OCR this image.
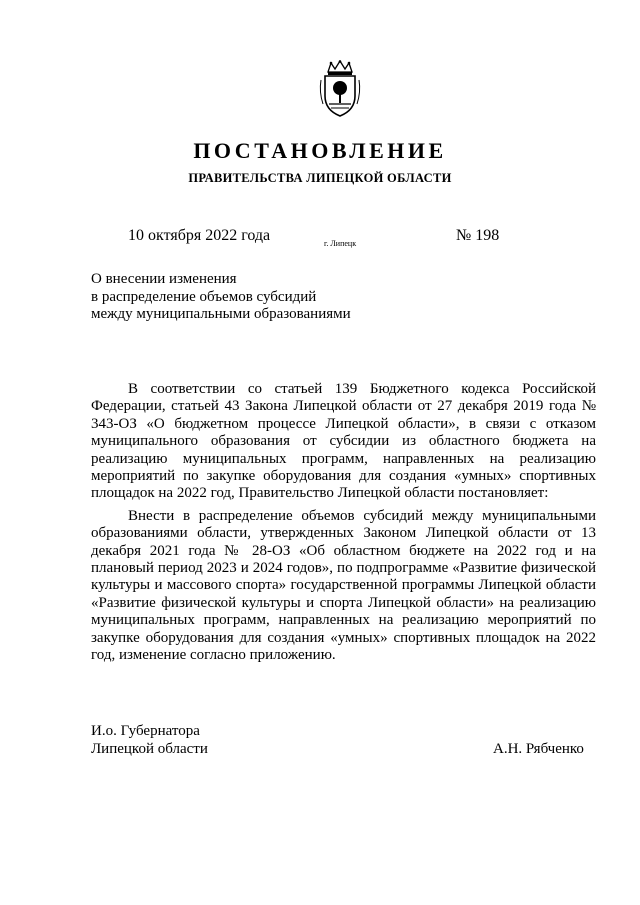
ПОСТАНОВЛЕНИЕ
ПРАВИТЕЛЬСТВА ЛИПЕЦКОЙ ОБЛАСТИ
10 октября 2022 года	г. Липецк	№ 198
О внесении изменения
в распределение объемов субсидий
между муниципальными образованиями

В соответствии со статьей 139 Бюджетного кодекса Российской Федерации, статьей 43 Закона Липецкой области от 27 декабря 2019 года № 343-ОЗ «О бюджетном процессе Липецкой области», в связи с отказом муниципального образования от субсидии из областного бюджета на реализацию муниципальных программ, направленных на реализацию мероприятий по закупке оборудования для создания «умных» спортивных площадок на 2022 год, Правительство Липецкой области постановляет:

Внести в распределение объемов субсидий между муниципальными образованиями области, утвержденных Законом Липецкой области от 13 декабря 2021 года № 28-ОЗ «Об областном бюджете на 2022 год и на плановый период 2023 и 2024 годов», по подпрограмме «Развитие физической культуры и массового спорта» государственной программы Липецкой области «Развитие физической культуры и спорта Липецкой области» на реализацию муниципальных программ, направленных на реализацию мероприятий по закупке оборудования для создания «умных» спортивных площадок на 2022 год, изменение согласно приложению.

И.о. Губернатора
Липецкой области	А.Н. Рябченко
